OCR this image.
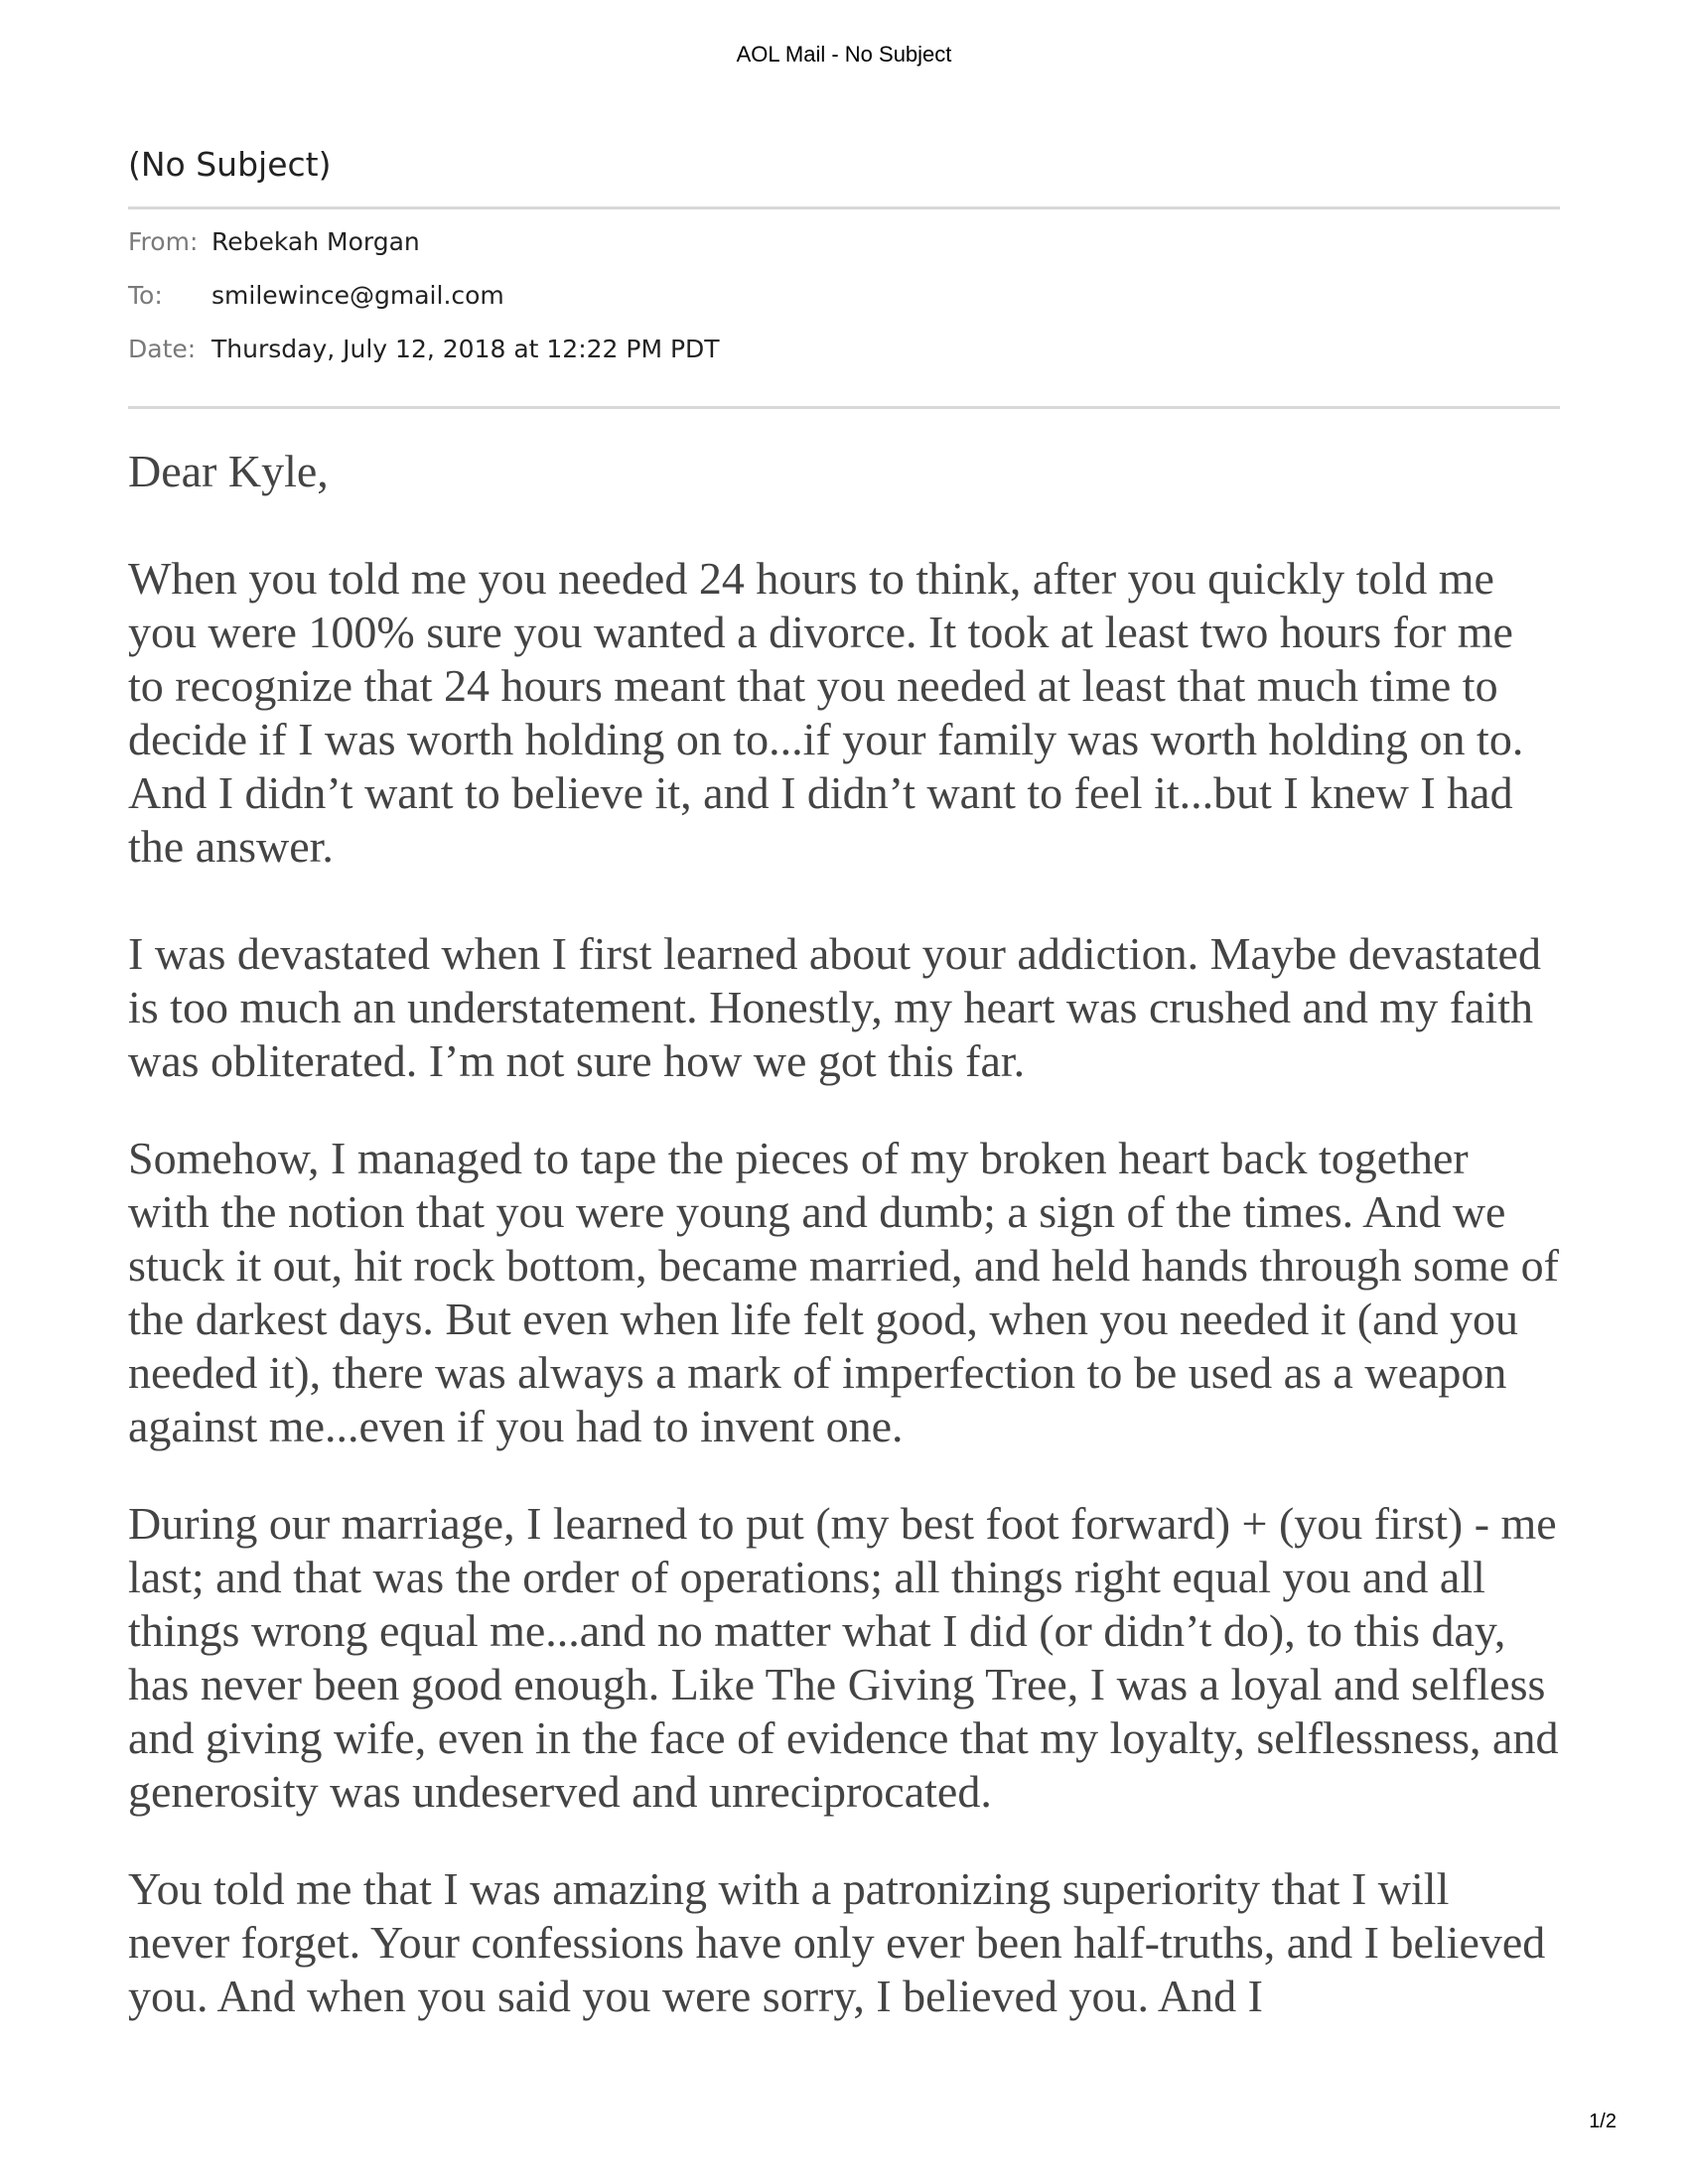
AOL Mail - No Subject
(No Subject)
From: Rebekah Morgan
To:	smilewince@gmail.com
Date: Thursday, July 12, 2018 at 12:22 PM PDT

Dear Kyle,

When you told me you needed 24 hours to think, after you quickly told me you were 100% sure you wanted a divorce. It took at least two hours for me to recognize that 24 hours meant that you needed at least that much time to decide if I was worth holding on to...if your family was worth holding on to. And I didn’t want to believe it, and I didn’t want to feel it...but I knew I had the answer.

I was devastated when I first learned about your addiction. Maybe devastated is too much an understatement. Honestly, my heart was crushed and my faith was obliterated. I’m not sure how we got this far.

Somehow, I managed to tape the pieces of my broken heart back together with the notion that you were young and dumb; a sign of the times. And we stuck it out, hit rock bottom, became married, and held hands through some of the darkest days. But even when life felt good, when you needed it (and you needed it), there was always a mark of imperfection to be used as a weapon against me...even if you had to invent one.

During our marriage, I learned to put (my best foot forward) + (you first) - me last; and that was the order of operations; all things right equal you and all things wrong equal me...and no matter what I did (or didn’t do), to this day, has never been good enough. Like The Giving Tree, I was a loyal and selfless and giving wife, even in the face of evidence that my loyalty, selflessness, and generosity was undeserved and unreciprocated.

You told me that I was amazing with a patronizing superiority that I will never forget. Your confessions have only ever been half-truths, and I believed you. And when you said you were sorry, I believed you. And I

1/2
